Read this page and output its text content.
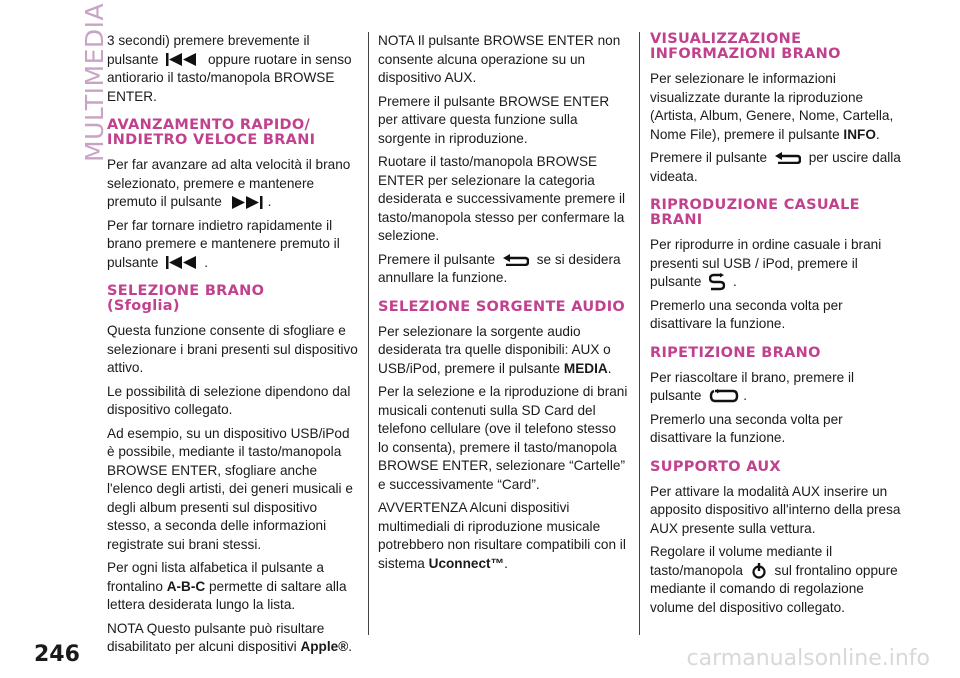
MULTIMEDIA

3 secondi) premere brevemente il pulsante	oppure ruotare in senso antiorario il tasto/manopola BROWSE ENTER.

AVANZAMENTO RAPIDO/ INDIETRO VELOCE BRANI

Per far avanzare ad alta velocità il brano selezionato, premere e mantenere premuto il pulsante	.

Per far tornare indietro rapidamente il brano premere e mantenere premuto il pulsante	.

SELEZIONE BRANO
(Sfoglia)

Questa funzione consente di sfogliare e selezionare i brani presenti sul dispositivo attivo.

Le possibilità di selezione dipendono dal dispositivo collegato.

Ad esempio, su un dispositivo USB/iPod è possibile, mediante il tasto/manopola BROWSE ENTER, sfogliare anche l'elenco degli artisti, dei generi musicali e degli album presenti sul dispositivo stesso, a seconda delle informazioni registrate sui brani stessi.

Per ogni lista alfabetica il pulsante a frontalino A-B-C permette di saltare alla lettera desiderata lungo la lista.

NOTA Questo pulsante può risultare disabilitato per alcuni dispositivi Apple®.

NOTA Il pulsante BROWSE ENTER non consente alcuna operazione su un dispositivo AUX.

Premere il pulsante BROWSE ENTER per attivare questa funzione sulla sorgente in riproduzione.

Ruotare il tasto/manopola BROWSE ENTER per selezionare la categoria desiderata e successivamente premere il tasto/manopola stesso per confermare la selezione.

Premere il pulsante	se si desidera annullare la funzione.

SELEZIONE SORGENTE AUDIO

Per selezionare la sorgente audio desiderata tra quelle disponibili: AUX o USB/iPod, premere il pulsante MEDIA.

Per la selezione e la riproduzione di brani musicali contenuti sulla SD Card del telefono cellulare (ove il telefono stesso lo consenta), premere il tasto/manopola BROWSE ENTER, selezionare “Cartelle” e successivamente “Card”.

AVVERTENZA Alcuni dispositivi multimediali di riproduzione musicale potrebbero non risultare compatibili con il sistema Uconnect™.

VISUALIZZAZIONE INFORMAZIONI BRANO

Per selezionare le informazioni visualizzate durante la riproduzione (Artista, Album, Genere, Nome, Cartella, Nome File), premere il pulsante INFO.

Premere il pulsante	per uscire dalla videata.

RIPRODUZIONE CASUALE BRANI

Per riprodurre in ordine casuale i brani presenti sul USB / iPod, premere il pulsante .

Premerlo una seconda volta per disattivare la funzione.

RIPETIZIONE BRANO

Per riascoltare il brano, premere il pulsante	.

Premerlo una seconda volta per disattivare la funzione.

SUPPORTO AUX

Per attivare la modalità AUX inserire un apposito dispositivo all'interno della presa AUX presente sulla vettura.

Regolare il volume mediante il tasto/manopola sul frontalino oppure mediante il comando di regolazione volume del dispositivo collegato.

246	carmanualsonline.info
